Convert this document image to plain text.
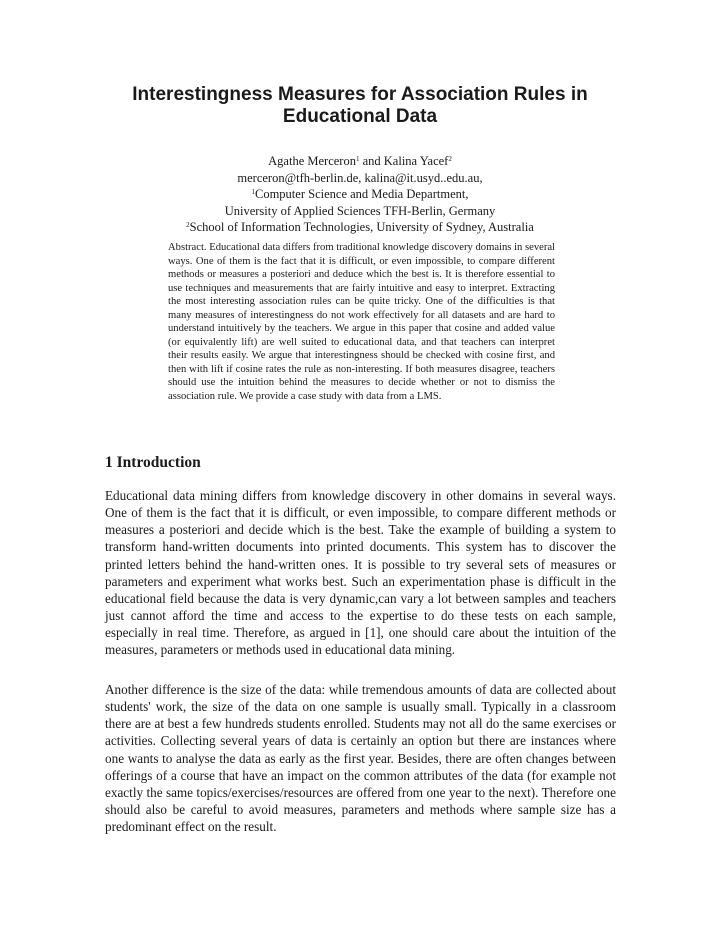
Interestingness Measures for Association Rules in
Educational Data
Agathe Merceron$^1$ and Kalina Yacef$^2$
merceron@tfh-berlin.de, kalina@it.usyd..edu.au,
$^1$Computer Science and Media Department,
University of Applied Sciences TFH-Berlin, Germany
$^2$School of Information Technologies, University of Sydney, Australia

Abstract. Educational data differs from traditional knowledge discovery domains in several ways. One of them is the fact that it is difficult, or even impossible, to compare different methods or measures a posteriori and deduce which the best is. It is therefore essential to use techniques and measurements that are fairly intuitive and easy to interpret. Extracting the most interesting association rules can be quite tricky. One of the difficulties is that many measures of interestingness do not work effectively for all datasets and are hard to understand intuitively by the teachers. We argue in this paper that cosine and added value (or equivalently lift) are well suited to educational data, and that teachers can interpret their results easily. We argue that interestingness should be checked with cosine first, and then with lift if cosine rates the rule as non-interesting. If both measures disagree, teachers should use the intuition behind the measures to decide whether or not to dismiss the association rule. We provide a case study with data from a LMS.

1 Introduction

Educational data mining differs from knowledge discovery in other domains in several ways. One of them is the fact that it is difficult, or even impossible, to compare different methods or measures a posteriori and decide which is the best. Take the example of building a system to transform hand-written documents into printed documents. This system has to discover the printed letters behind the hand-written ones. It is possible to try several sets of measures or parameters and experiment what works best. Such an experimentation phase is difficult in the educational field because the data is very dynamic,can vary a lot between samples and teachers just cannot afford the time and access to the expertise to do these tests on each sample, especially in real time. Therefore, as argued in [1], one should care about the intuition of the measures, parameters or methods used in educational data mining.

Another difference is the size of the data: while tremendous amounts of data are collected about students' work, the size of the data on one sample is usually small. Typically in a classroom there are at best a few hundreds students enrolled. Students may not all do the same exercises or activities. Collecting several years of data is certainly an option but there are instances where one wants to analyse the data as early as the first year. Besides, there are often changes between offerings of a course that have an impact on the common attributes of the data (for example not exactly the same topics/exercises/resources are offered from one year to the next). Therefore one should also be careful to avoid measures, parameters and methods where sample size has a predominant effect on the result.
